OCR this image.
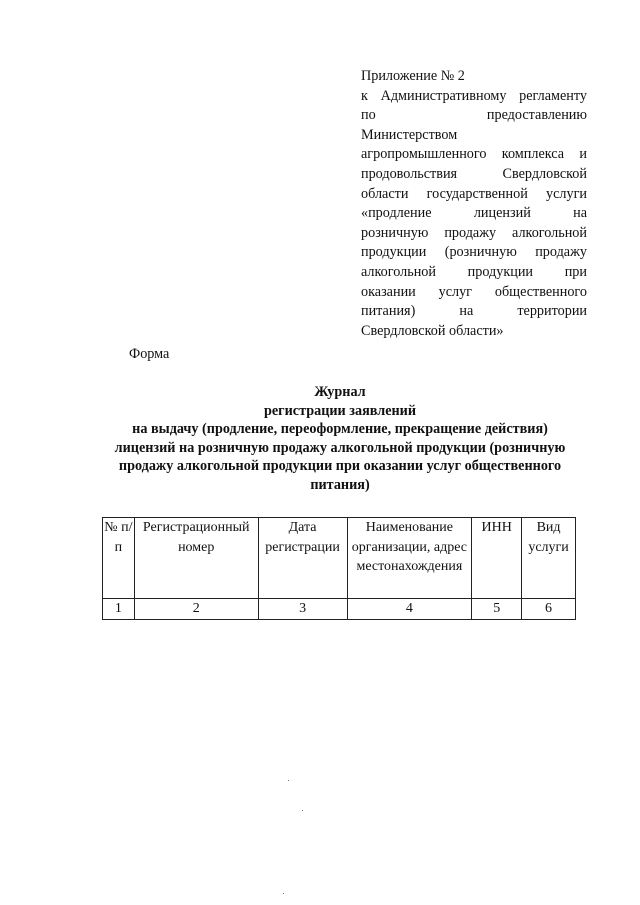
Приложение № 2
к Административному регламенту
по предоставлению
Министерством
агропромышленного комплекса и
продовольствия Свердловской
области государственной услуги
«продление лицензий на
розничную продажу алкогольной
продукции (розничную продажу
алкогольной продукции при
оказании услуг общественного
питания) на территории
Свердловской области»
Форма
Журнал
регистрации заявлений
на выдачу (продление, переоформление, прекращение действия)
лицензий на розничную продажу алкогольной продукции (розничную
продажу алкогольной продукции при оказании услуг общественного
питания)
№ п/п	Регистрационный номер	Дата регистрации	Наименование организации, адрес местонахождения	ИНН	Вид услуги
1	2	3	4	5	6
